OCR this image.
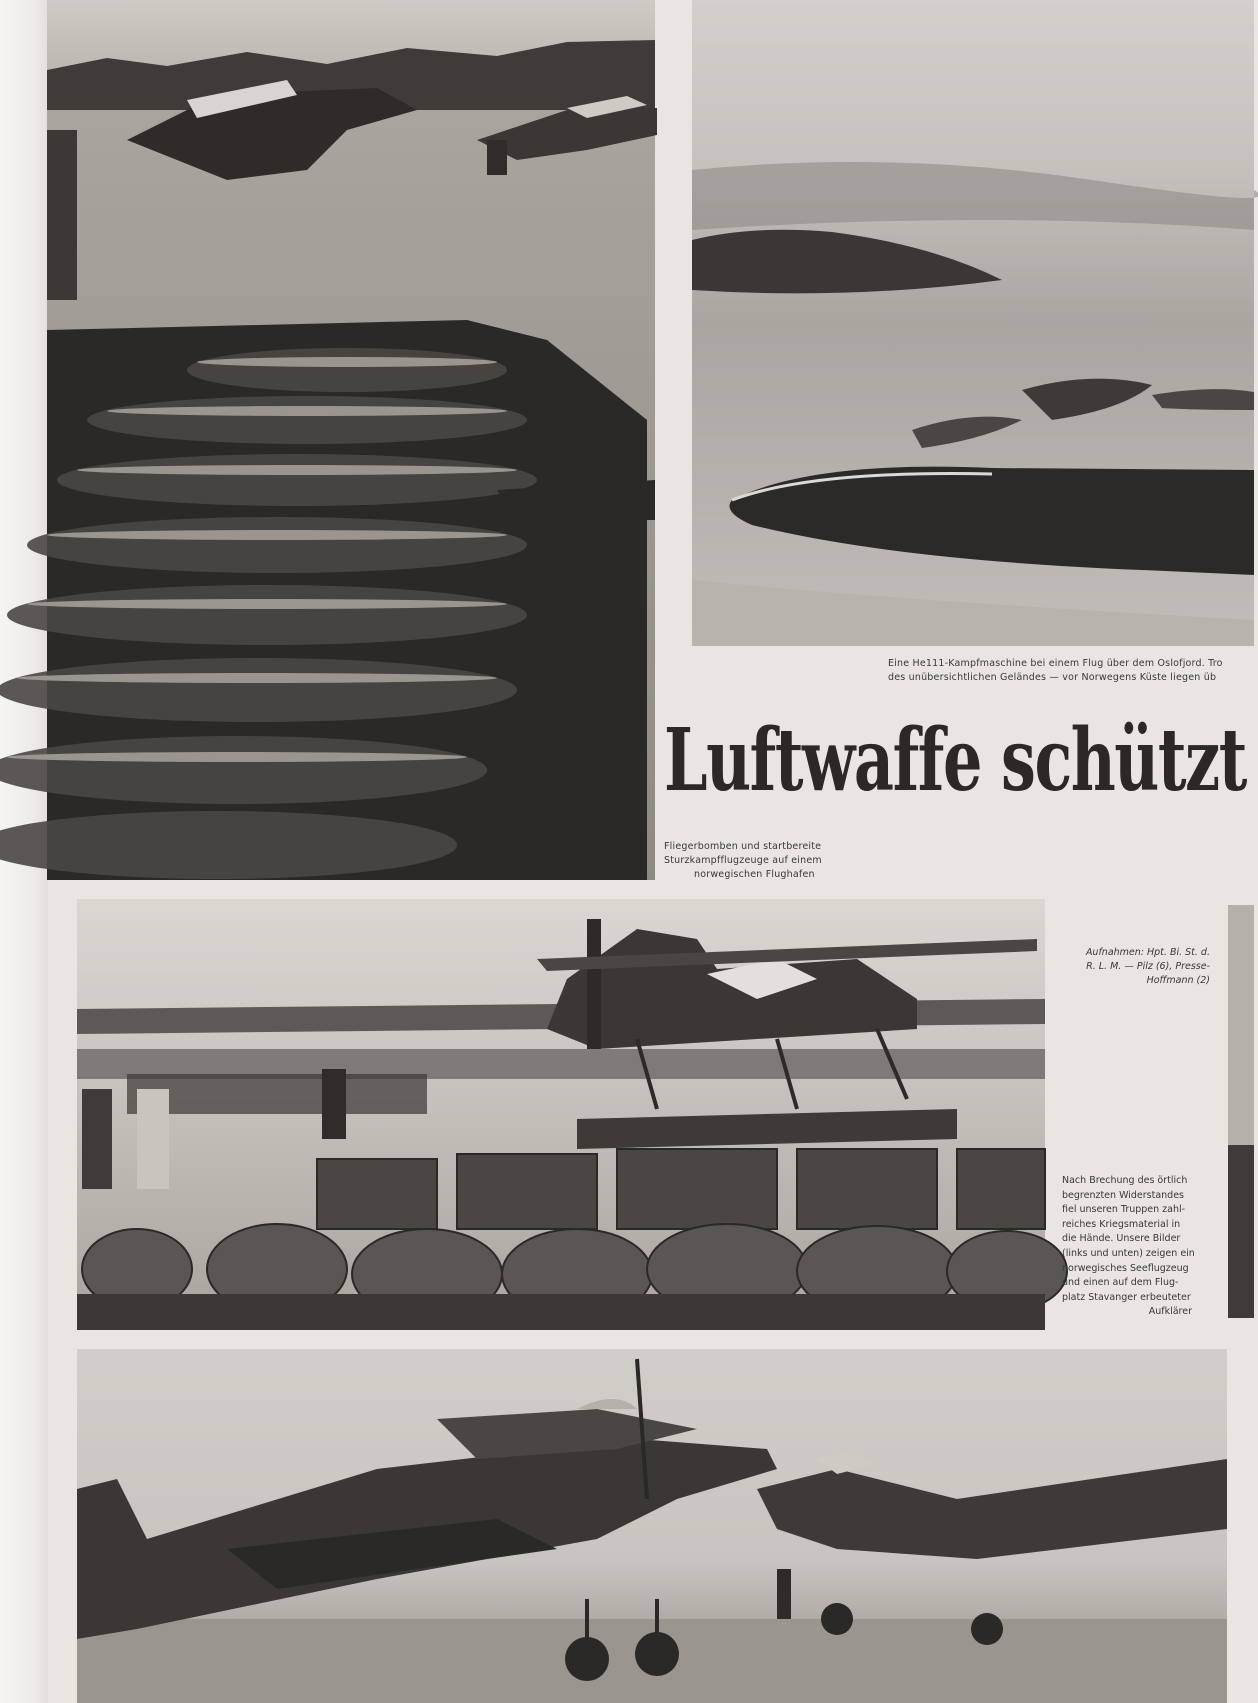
Eine He111-Kampfmaschine bei einem Flug über dem Oslofjord. Tro
des unübersichtlichen Geländes — vor Norwegens Küste liegen üb
Luftwaffe schützt
Fliegerbomben und startbereite
Sturzkampfflugzeuge auf einem
norwegischen Flughafen
Aufnahmen: Hpt. Bi. St. d.
R. L. M. — Pilz (6), Presse-
Hoffmann (2)
Nach Brechung des örtlich
begrenzten Widerstandes
fiel unseren Truppen zahl-
reiches Kriegsmaterial in
die Hände. Unsere Bilder
(links und unten) zeigen ein
norwegisches Seeflugzeug
und einen auf dem Flug-
platz Stavanger erbeuteter
Aufklärer
